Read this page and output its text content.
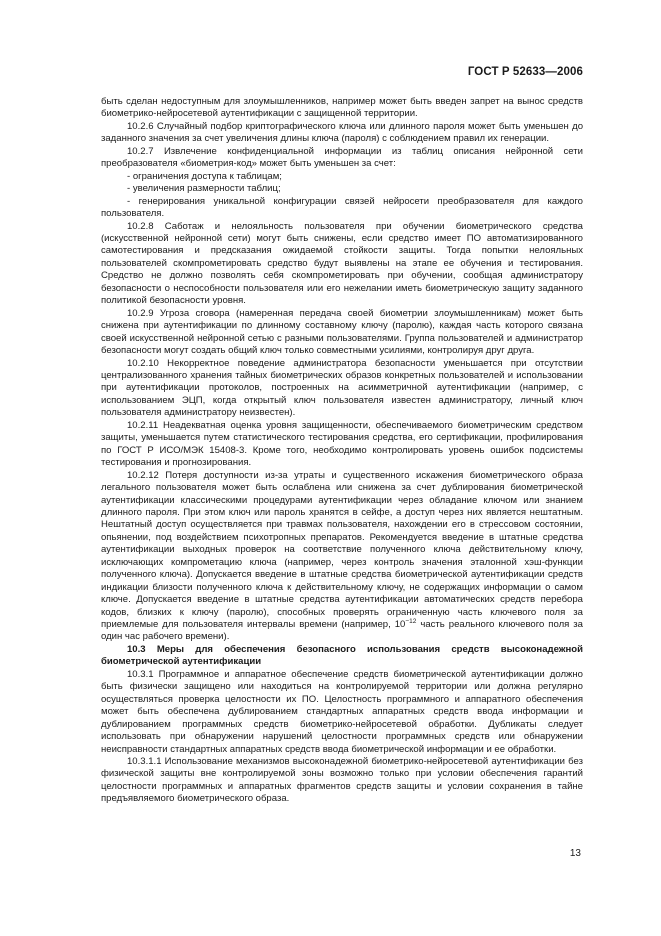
ГОСТ Р 52633—2006

быть сделан недоступным для злоумышленников, например может быть введен запрет на вынос средств биометрико-нейросетевой аутентификации с защищенной территории.

10.2.6 Случайный подбор криптографического ключа или длинного пароля может быть уменьшен до заданного значения за счет увеличения длины ключа (пароля) с соблюдением правил их генерации.

10.2.7 Извлечение конфиденциальной информации из таблиц описания нейронной сети преобразователя «биометрия-код» может быть уменьшен за счет:

- ограничения доступа к таблицам;

- увеличения размерности таблиц;

- генерирования уникальной конфигурации связей нейросети преобразователя для каждого пользователя.

10.2.8 Саботаж и нелояльность пользователя при обучении биометрического средства (искусственной нейронной сети) могут быть снижены, если средство имеет ПО автоматизированного самотестирования и предсказания ожидаемой стойкости защиты. Тогда попытки нелояльных пользователей скомпрометировать средство будут выявлены на этапе ее обучения и тестирования. Средство не должно позволять себя скомпрометировать при обучении, сообщая администратору безопасности о неспособности пользователя или его нежелании иметь биометрическую защиту заданного политикой безопасности уровня.

10.2.9 Угроза сговора (намеренная передача своей биометрии злоумышленникам) может быть снижена при аутентификации по длинному составному ключу (паролю), каждая часть которого связана своей искусственной нейронной сетью с разными пользователями. Группа пользователей и администратор безопасности могут создать общий ключ только совместными усилиями, контролируя друг друга.

10.2.10 Некорректное поведение администратора безопасности уменьшается при отсутствии централизованного хранения тайных биометрических образов конкретных пользователей и использовании при аутентификации протоколов, построенных на асимметричной аутентификации (например, с использованием ЭЦП, когда открытый ключ пользователя известен администратору, личный ключ пользователя администратору неизвестен).

10.2.11 Неадекватная оценка уровня защищенности, обеспечиваемого биометрическим средством защиты, уменьшается путем статистического тестирования средства, его сертификации, профилирования по ГОСТ Р ИСО/МЭК 15408-3. Кроме того, необходимо контролировать уровень ошибок подсистемы тестирования и прогнозирования.

10.2.12 Потеря доступности из-за утраты и существенного искажения биометрического образа легального пользователя может быть ослаблена или снижена за счет дублирования биометрической аутентификации классическими процедурами аутентификации через обладание ключом или знанием длинного пароля. При этом ключ или пароль хранятся в сейфе, а доступ через них является нештатным. Нештатный доступ осуществляется при травмах пользователя, нахождении его в стрессовом состоянии, опьянении, под воздействием психотропных препаратов. Рекомендуется введение в штатные средства аутентификации выходных проверок на соответствие полученного ключа действительному ключу, исключающих компрометацию ключа (например, через контроль значения эталонной хэш-функции полученного ключа). Допускается введение в штатные средства биометрической аутентификации средств индикации близости полученного ключа к действительному ключу, не содержащих информации о самом ключе. Допускается введение в штатные средства аутентификации автоматических средств перебора кодов, близких к ключу (паролю), способных проверять ограниченную часть ключевого поля за приемлемые для пользователя интервалы времени (например, $10^{-12}$ часть реального ключевого поля за один час рабочего времени).

10.3 Меры для обеспечения безопасного использования средств высоконадежной биометрической аутентификации

10.3.1 Программное и аппаратное обеспечение средств биометрической аутентификации должно быть физически защищено или находиться на контролируемой территории или должна регулярно осуществляться проверка целостности их ПО. Целостность программного и аппаратного обеспечения может быть обеспечена дублированием стандартных аппаратных средств ввода информации и дублированием программных средств биометрико-нейросетевой обработки. Дубликаты следует использовать при обнаружении нарушений целостности программных средств или обнаружении неисправности стандартных аппаратных средств ввода биометрической информации и ее обработки.

10.3.1.1 Использование механизмов высоконадежной биометрико-нейросетевой аутентификации без физической защиты вне контролируемой зоны возможно только при условии обеспечения гарантий целостности программных и аппаратных фрагментов средств защиты и условии сохранения в тайне предъявляемого биометрического образа.

13
